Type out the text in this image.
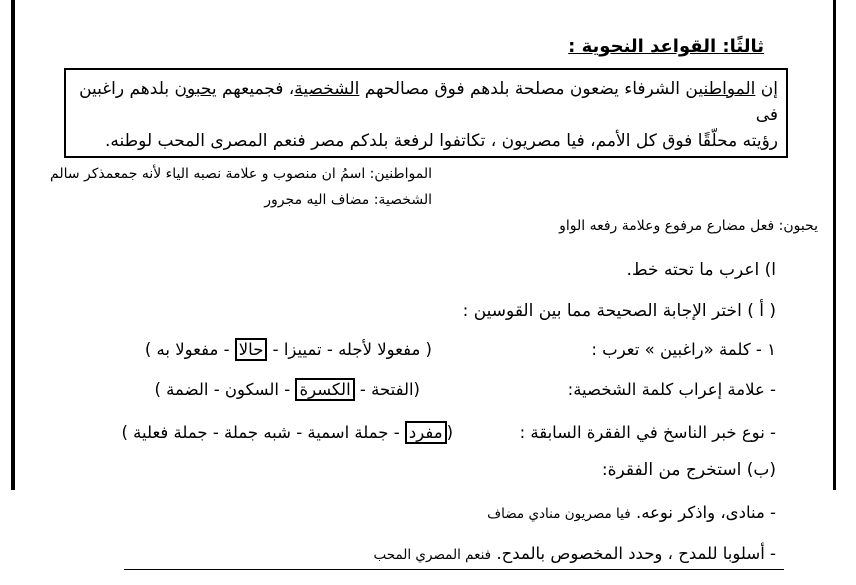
ثالثًا: القواعد النحوية :

إن المواطنين الشرفاء يضعون مصلحة بلدهم فوق مصالحهم الشخصية، فجميعهم يحبون بلدهم راغبين فى

رؤيته محلّقًا فوق كل الأمم، فيا مصريون ، تكاتفوا لرفعة بلدكم مصر فنعم المصرى المحب لوطنه.

المواطنين: اسمُ ان منصوب و علامة نصبه الياء لأنه جمعمذكر سالم
الشخصية: مضاف اليه مجرور
يحبون: فعل مضارع مرفوع وعلامة رفعه الواو
ا) اعرب ما تحته خط.
( أ ) اختر الإجابة الصحيحة مما بين القوسين :
١ - كلمة «راغبين » تعرب :
( مفعولا لأجله - تمييزا - حالا - مفعولا به )
- علامة إعراب كلمة الشخصية:
(الفتحة - الكسرة - السكون - الضمة )
- نوع خبر الناسخ في الفقرة السابقة :
(مفرد - جملة اسمية - شبه جملة - جملة فعلية )
(ب) استخرج من الفقرة:
- منادى، واذكر نوعه. فيا مصريون منادي مضاف
- أسلوبا للمدح ، وحدد المخصوص بالمدح. فنعم المصري المحب
